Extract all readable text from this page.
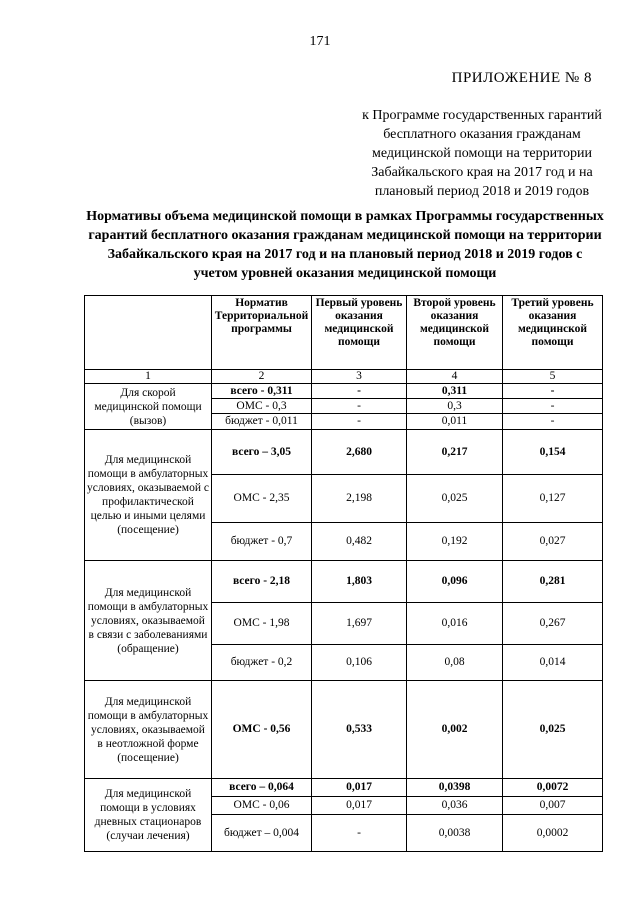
171
ПРИЛОЖЕНИЕ № 8
к Программе государственных гарантий бесплатного оказания гражданам медицинской помощи на территории Забайкальского края на 2017 год и на плановый период 2018 и 2019 годов
Нормативы объема медицинской помощи в рамках Программы государственных гарантий бесплатного оказания гражданам медицинской помощи на территории Забайкальского края на 2017 год и на плановый период 2018 и 2019 годов с учетом уровней оказания медицинской помощи
	Норматив Территориальной программы	Первый уровень оказания медицинской помощи	Второй уровень оказания медицинской помощи	Третий уровень оказания медицинской помощи
1	2	3	4	5
Для скорой медицинской помощи (вызов)	всего - 0,311	-	0,311	-
	ОМС - 0,3	-	0,3	-
	бюджет - 0,011	-	0,011	-
Для медицинской помощи в амбулаторных условиях, оказываемой с профилактической целью и иными целями (посещение)	всего – 3,05	2,680	0,217	0,154
	ОМС - 2,35	2,198	0,025	0,127
	бюджет - 0,7	0,482	0,192	0,027
Для медицинской помощи в амбулаторных условиях, оказываемой в связи с заболеваниями (обращение)	всего - 2,18	1,803	0,096	0,281
	ОМС - 1,98	1,697	0,016	0,267
	бюджет - 0,2	0,106	0,08	0,014
Для медицинской помощи в амбулаторных условиях, оказываемой в неотложной форме (посещение)	ОМС - 0,56	0,533	0,002	0,025
Для медицинской помощи в условиях дневных стационаров (случаи лечения)	всего – 0,064	0,017	0,0398	0,0072
	ОМС - 0,06	0,017	0,036	0,007
	бюджет – 0,004	-	0,0038	0,0002
